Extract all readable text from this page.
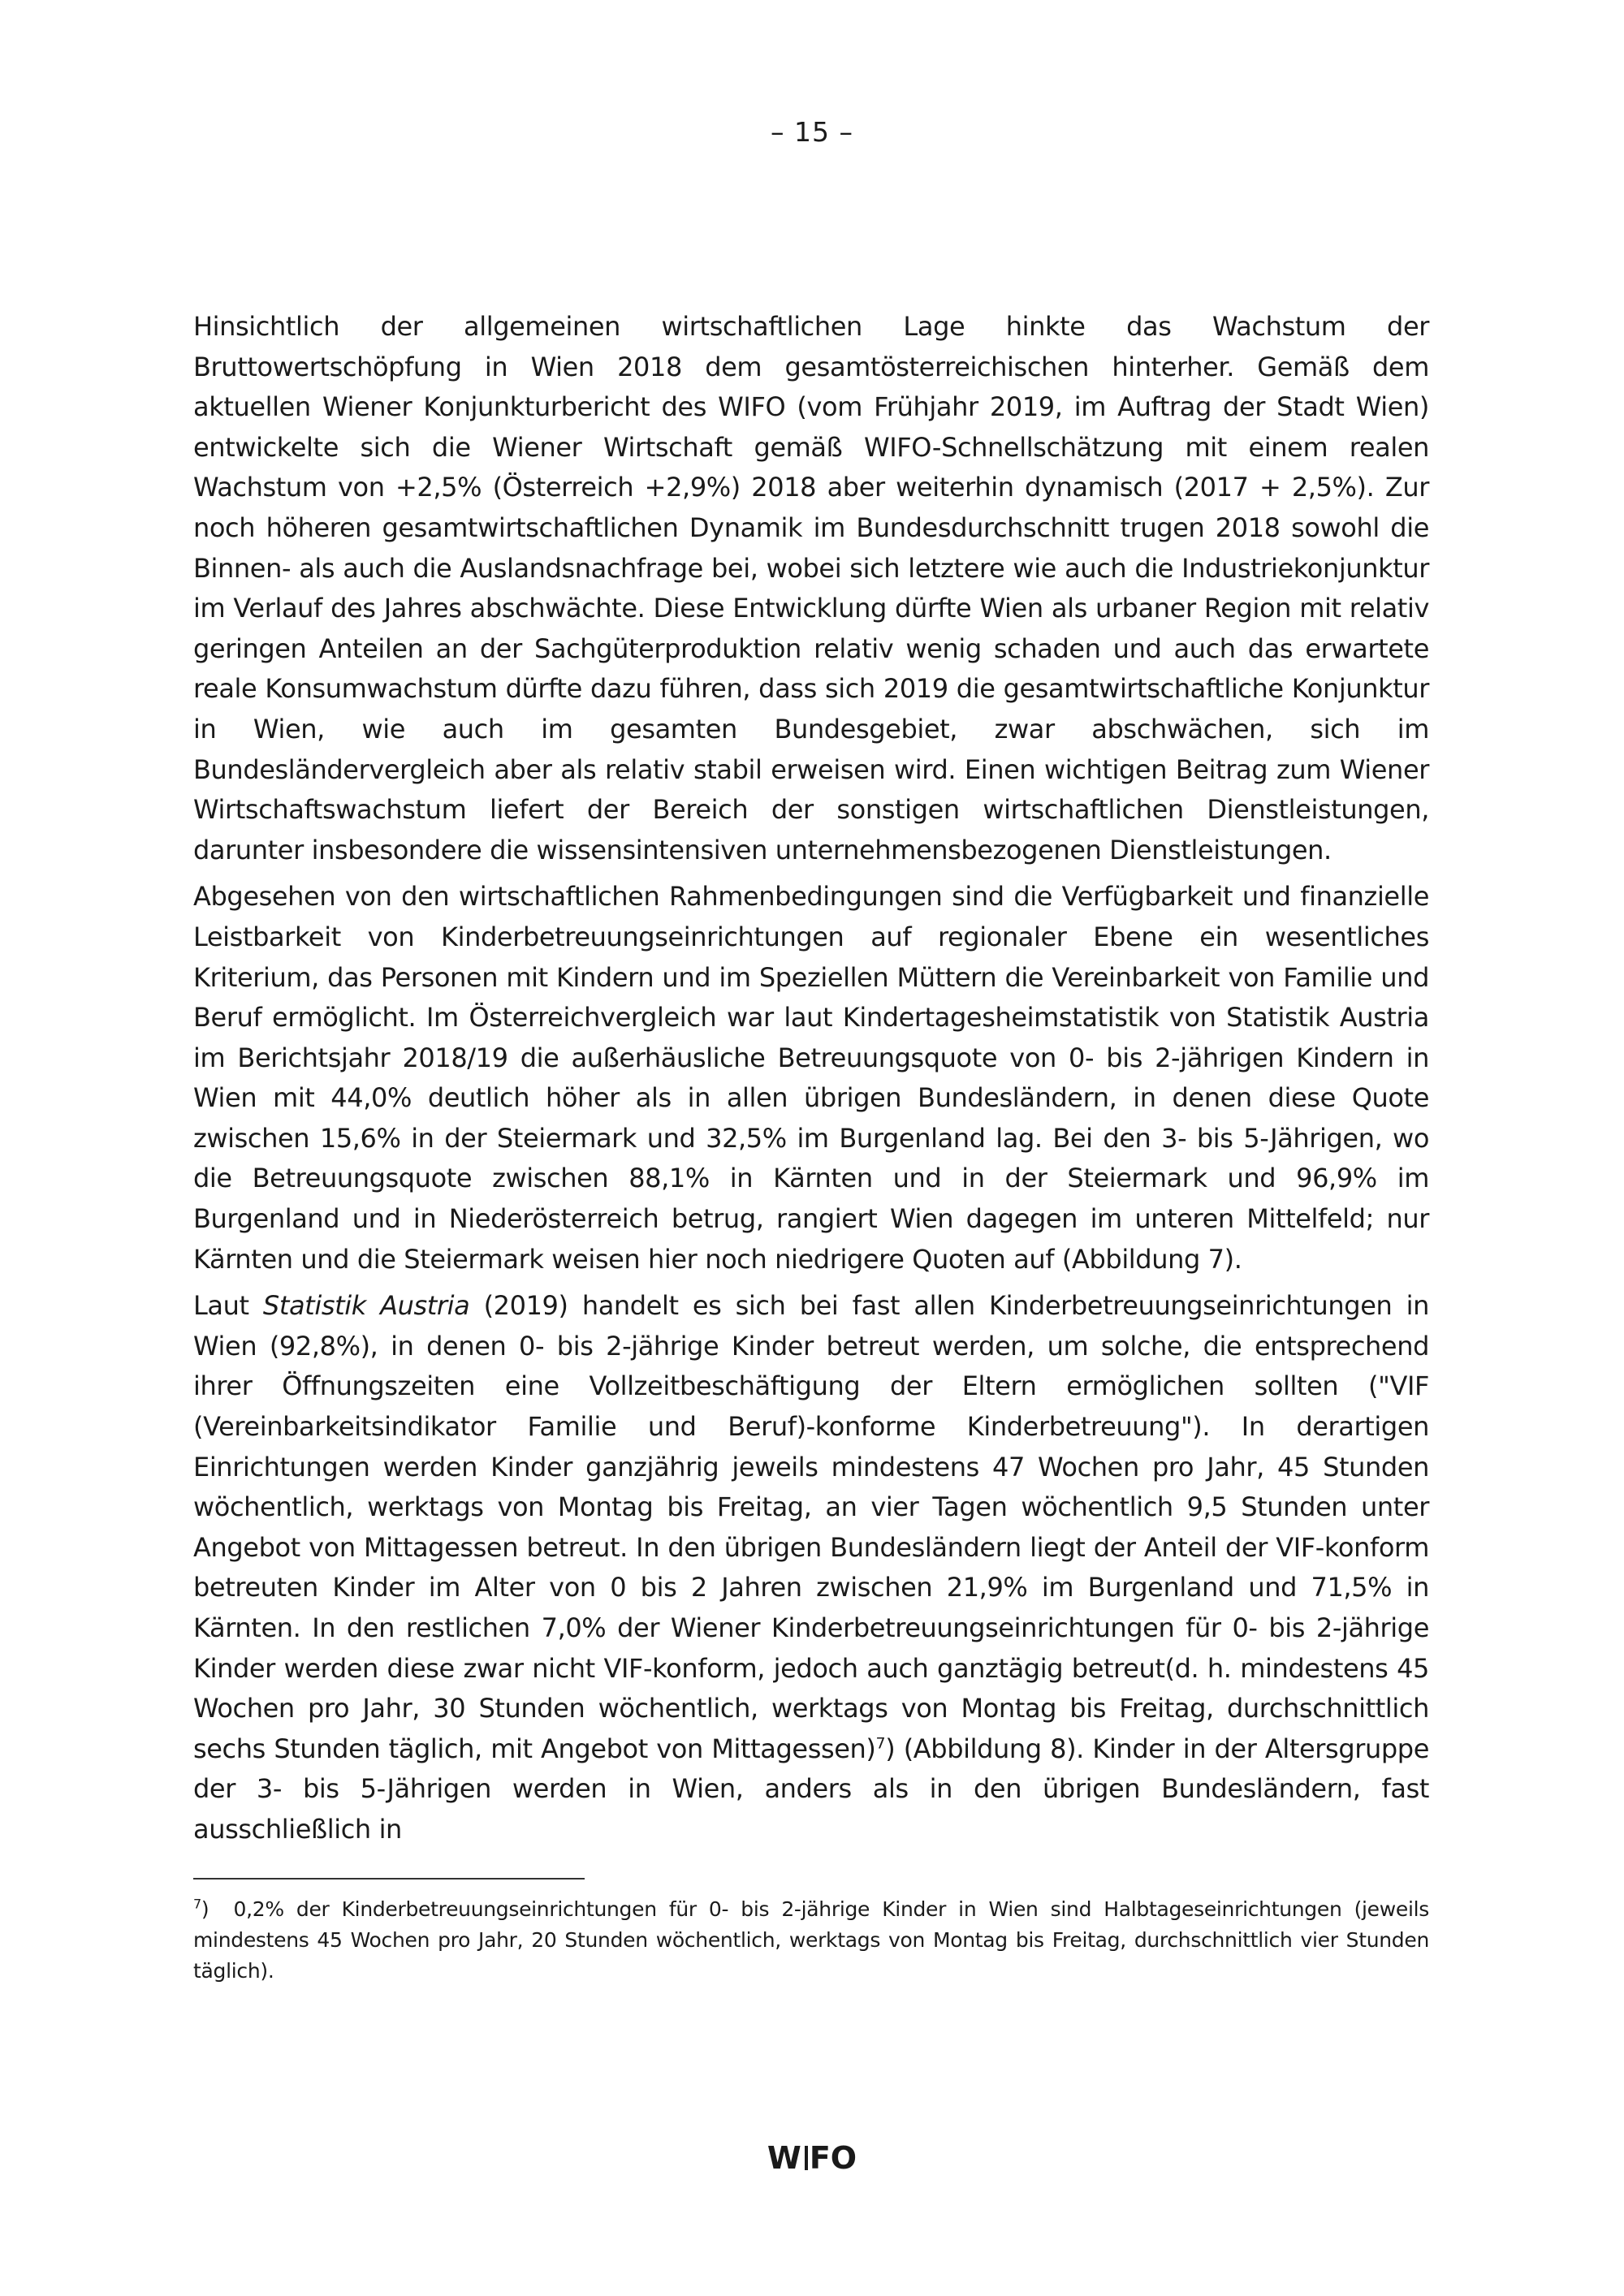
– 15 –

Hinsichtlich der allgemeinen wirtschaftlichen Lage hinkte das Wachstum der Bruttowertschöpfung in Wien 2018 dem gesamtösterreichischen hinterher. Gemäß dem aktuellen Wiener Konjunkturbericht des WIFO (vom Frühjahr 2019, im Auftrag der Stadt Wien) entwickelte sich die Wiener Wirtschaft gemäß WIFO-Schnellschätzung mit einem realen Wachstum von +2,5% (Österreich +2,9%) 2018 aber weiterhin dynamisch (2017 + 2,5%). Zur noch höheren gesamtwirtschaftlichen Dynamik im Bundesdurchschnitt trugen 2018 sowohl die Binnen- als auch die Auslandsnachfrage bei, wobei sich letztere wie auch die Industriekonjunktur im Verlauf des Jahres abschwächte. Diese Entwicklung dürfte Wien als urbaner Region mit relativ geringen Anteilen an der Sachgüterproduktion relativ wenig schaden und auch das erwartete reale Konsumwachstum dürfte dazu führen, dass sich 2019 die gesamtwirtschaftliche Konjunktur in Wien, wie auch im gesamten Bundesgebiet, zwar abschwächen, sich im Bundesländervergleich aber als relativ stabil erweisen wird. Einen wichtigen Beitrag zum Wiener Wirtschaftswachstum liefert der Bereich der sonstigen wirtschaftlichen Dienstleistungen, darunter insbesondere die wissensintensiven unternehmensbezogenen Dienstleistungen.

Abgesehen von den wirtschaftlichen Rahmenbedingungen sind die Verfügbarkeit und finanzielle Leistbarkeit von Kinderbetreuungseinrichtungen auf regionaler Ebene ein wesentliches Kriterium, das Personen mit Kindern und im Speziellen Müttern die Vereinbarkeit von Familie und Beruf ermöglicht. Im Österreichvergleich war laut Kindertagesheimstatistik von Statistik Austria im Berichtsjahr 2018/19 die außerhäusliche Betreuungsquote von 0- bis 2-jährigen Kindern in Wien mit 44,0% deutlich höher als in allen übrigen Bundesländern, in denen diese Quote zwischen 15,6% in der Steiermark und 32,5% im Burgenland lag. Bei den 3- bis 5-Jährigen, wo die Betreuungsquote zwischen 88,1% in Kärnten und in der Steiermark und 96,9% im Burgenland und in Niederösterreich betrug, rangiert Wien dagegen im unteren Mittelfeld; nur Kärnten und die Steiermark weisen hier noch niedrigere Quoten auf (Abbildung 7).

Laut Statistik Austria (2019) handelt es sich bei fast allen Kinderbetreuungseinrichtungen in Wien (92,8%), in denen 0- bis 2-jährige Kinder betreut werden, um solche, die entsprechend ihrer Öffnungszeiten eine Vollzeitbeschäftigung der Eltern ermöglichen sollten ("VIF (Vereinbarkeitsindikator Familie und Beruf)-konforme Kinderbetreuung"). In derartigen Einrichtungen werden Kinder ganzjährig jeweils mindestens 47 Wochen pro Jahr, 45 Stunden wöchentlich, werktags von Montag bis Freitag, an vier Tagen wöchentlich 9,5 Stunden unter Angebot von Mittagessen betreut. In den übrigen Bundesländern liegt der Anteil der VIF-konform betreuten Kinder im Alter von 0 bis 2 Jahren zwischen 21,9% im Burgenland und 71,5% in Kärnten. In den restlichen 7,0% der Wiener Kinderbetreuungseinrichtungen für 0- bis 2-jährige Kinder werden diese zwar nicht VIF-konform, jedoch auch ganztägig betreut(d. h. mindestens 45 Wochen pro Jahr, 30 Stunden wöchentlich, werktags von Montag bis Freitag, durchschnittlich sechs Stunden täglich, mit Angebot von Mittagessen)$^7$) (Abbildung 8). Kinder in der Altersgruppe der 3- bis 5-Jährigen werden in Wien, anders als in den übrigen Bundesländern, fast ausschließlich in

$^7$) 0,2% der Kinderbetreuungseinrichtungen für 0- bis 2-jährige Kinder in Wien sind Halbtageseinrichtungen (jeweils mindestens 45 Wochen pro Jahr, 20 Stunden wöchentlich, werktags von Montag bis Freitag, durchschnittlich vier Stunden täglich).
W FO
